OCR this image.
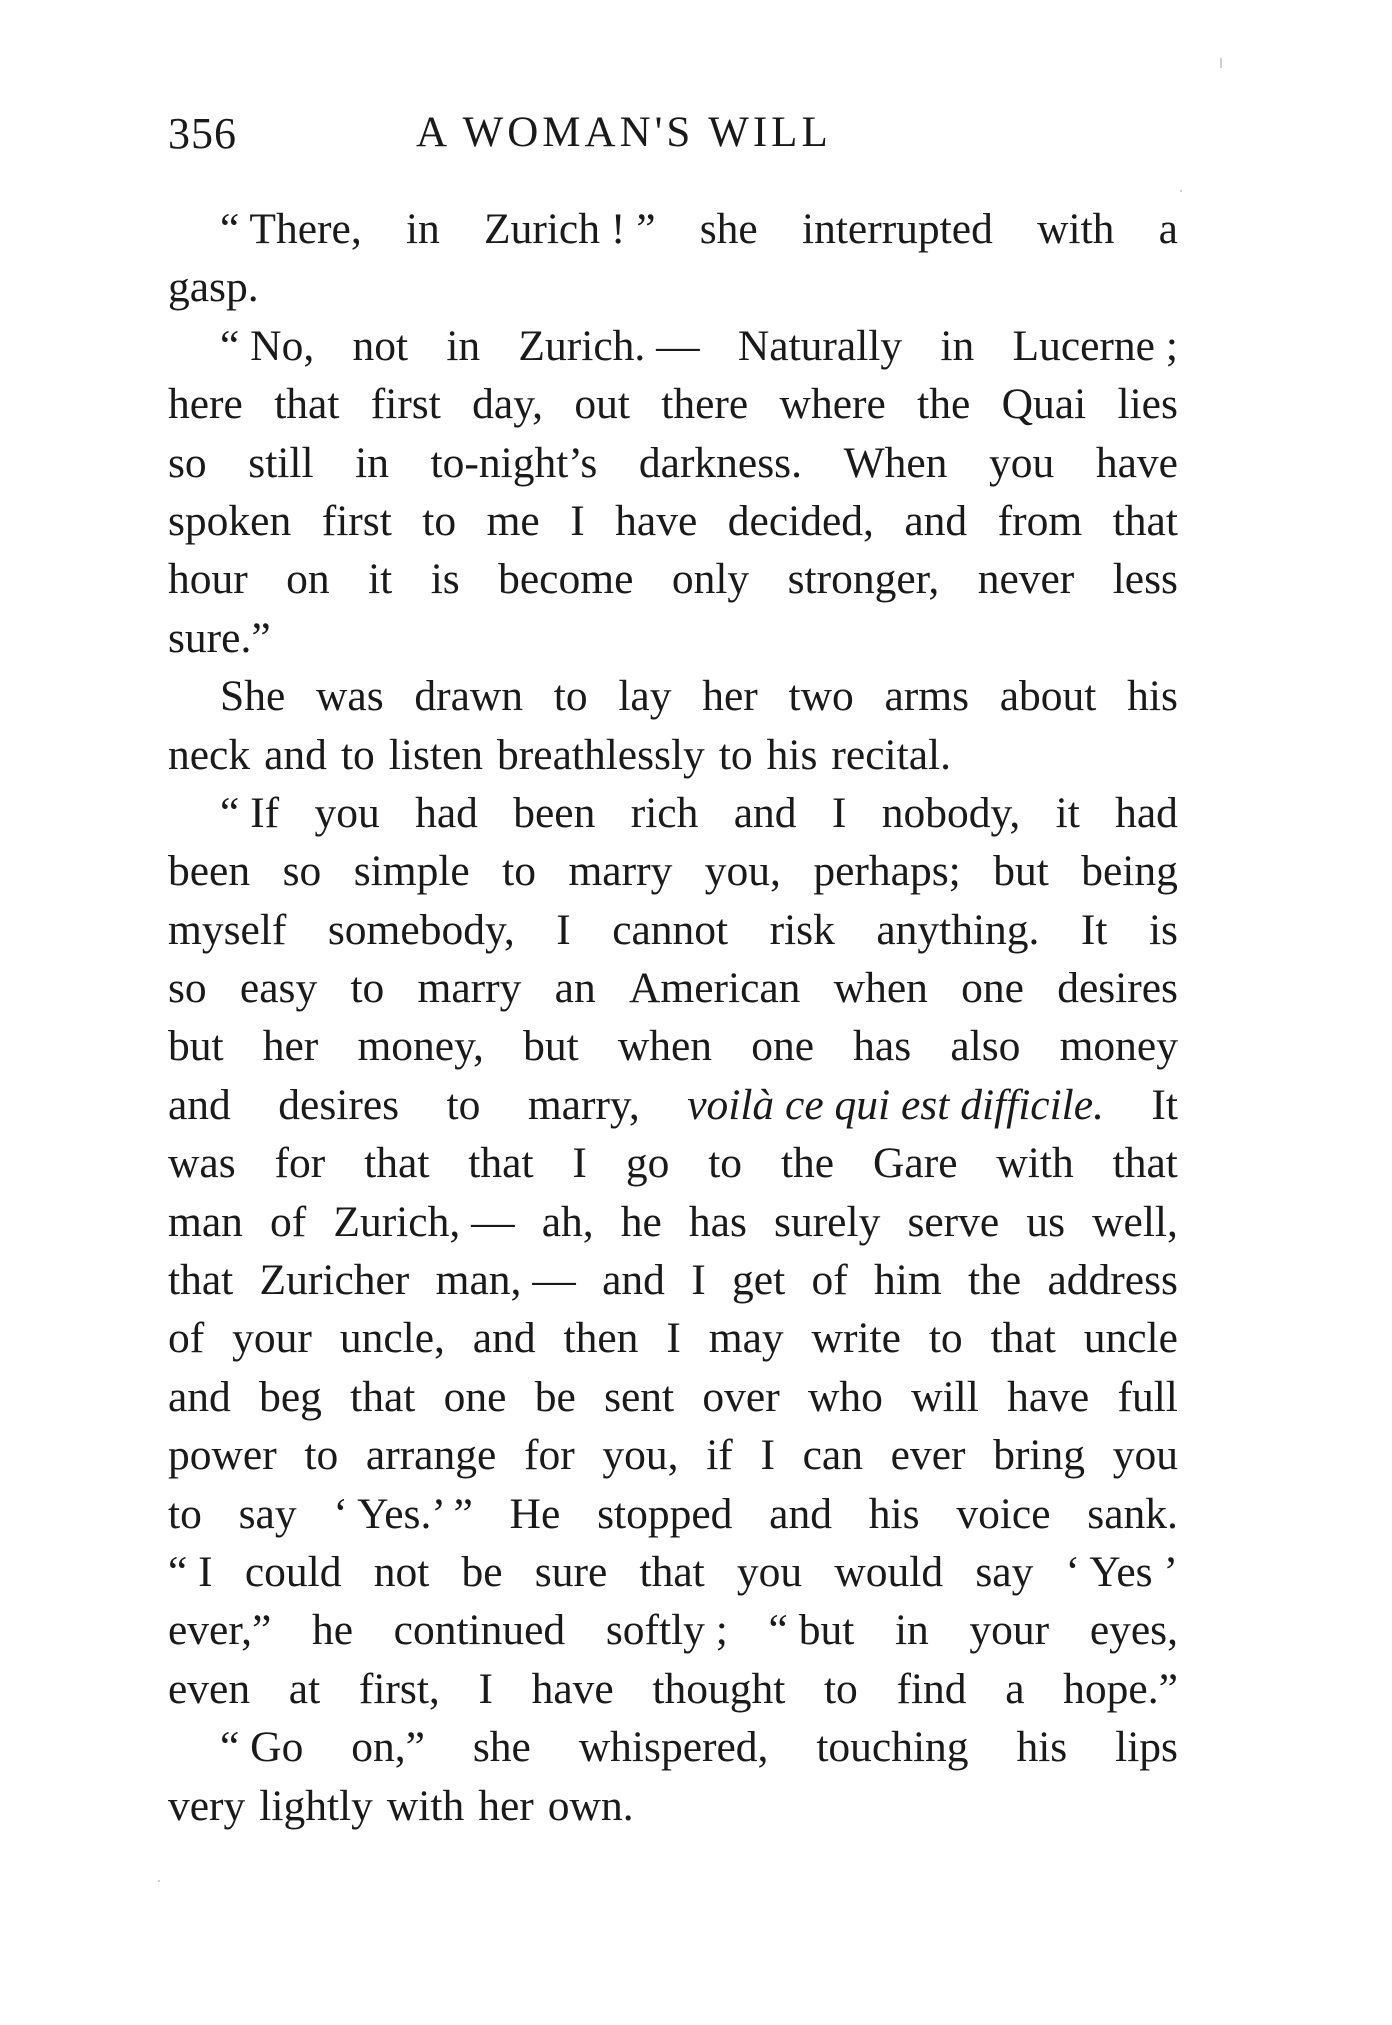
356	A WOMAN'S WILL
“ There, in Zurich ! ” she interrupted with a
gasp.
“ No, not in Zurich. — Naturally in Lucerne ;
here that first day, out there where the Quai lies
so still in to-night’s darkness. When you have
spoken first to me I have decided, and from that
hour on it is become only stronger, never less
sure.”
She was drawn to lay her two arms about his
neck and to listen breathlessly to his recital.
“ If you had been rich and I nobody, it had
been so simple to marry you, perhaps; but being
myself somebody, I cannot risk anything. It is
so easy to marry an American when one desires
but her money, but when one has also money
and desires to marry, voilà ce qui est difficile. It
was for that that I go to the Gare with that
man of Zurich, — ah, he has surely serve us well,
that Zuricher man, — and I get of him the address
of your uncle, and then I may write to that uncle
and beg that one be sent over who will have full
power to arrange for you, if I can ever bring you
to say ‘ Yes.’ ” He stopped and his voice sank.
“ I could not be sure that you would say ‘ Yes ’
ever,” he continued softly ; “ but in your eyes,
even at first, I have thought to find a hope.”
“ Go on,” she whispered, touching his lips
very lightly with her own.
